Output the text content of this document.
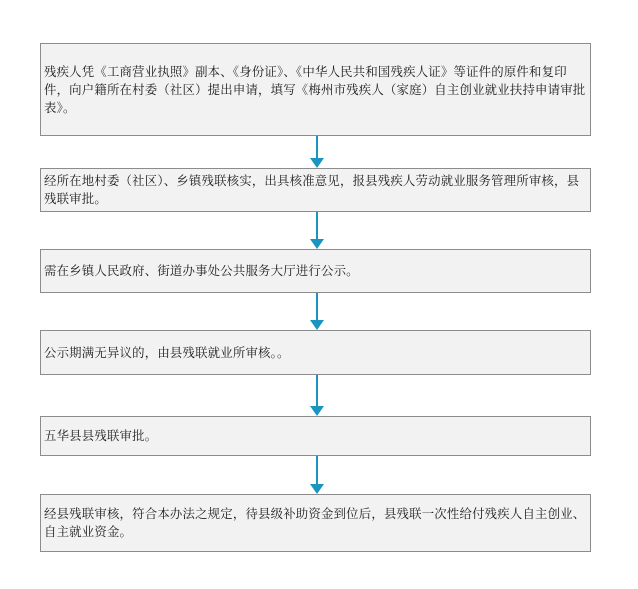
残疾人凭《工商营业执照》副本、《身份证》、《中华人民共和国残疾人证》等证件的原件和复印件，向户籍所在村委（社区）提出申请，填写《梅州市残疾人（家庭）自主创业就业扶持申请审批表》。
经所在地村委（社区）、乡镇残联核实，出具核准意见，报县残疾人劳动就业服务管理所审核，县残联审批。
需在乡镇人民政府、街道办事处公共服务大厅进行公示。
公示期满无异议的，由县残联就业所审核。。
五华县县残联审批。
经县残联审核，符合本办法之规定，待县级补助资金到位后，县残联一次性给付残疾人自主创业、自主就业资金。
